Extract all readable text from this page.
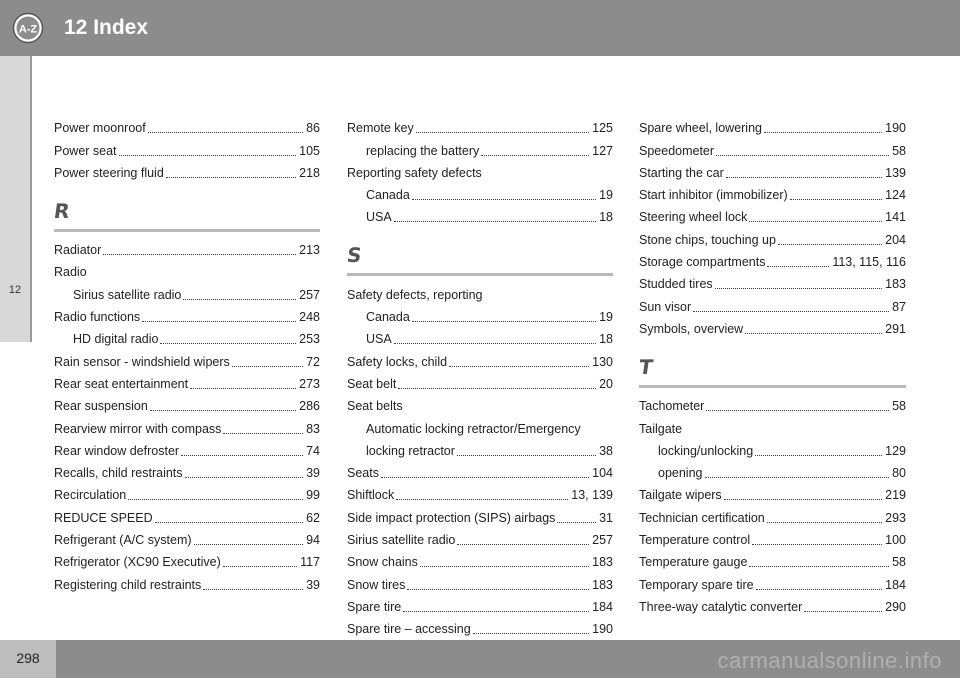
A-Z 12 Index
12
Power moonroof	86
Power seat	105
Power steering fluid	218
R
Radiator	213
Radio
Sirius satellite radio	257
Radio functions	248
HD digital radio	253
Rain sensor - windshield wipers	72
Rear seat entertainment	273
Rear suspension	286
Rearview mirror with compass	83
Rear window defroster	74
Recalls, child restraints	39
Recirculation	99
REDUCE SPEED	62
Refrigerant (A/C system)	94
Refrigerator (XC90 Executive)	117
Registering child restraints	39
Remote key	125
replacing the battery	127
Reporting safety defects
Canada	19
USA	18
S
Safety defects, reporting
Canada	19
USA	18
Safety locks, child	130
Seat belt	20
Seat belts
Automatic locking retractor/Emergency
locking retractor	38
Seats	104
Shiftlock	13, 139
Side impact protection (SIPS) airbags	31
Sirius satellite radio	257
Snow chains	183
Snow tires	183
Spare tire	184
Spare tire – accessing	190
Spare wheel, lowering	190
Speedometer	58
Starting the car	139
Start inhibitor (immobilizer)	124
Steering wheel lock	141
Stone chips, touching up	204
Storage compartments	113, 115, 116
Studded tires	183
Sun visor	87
Symbols, overview	291
T
Tachometer	58
Tailgate
locking/unlocking	129
opening	80
Tailgate wipers	219
Technician certification	293
Temperature control	100
Temperature gauge	58
Temporary spare tire	184
Three-way catalytic converter	290
298	carmanualsonline.info
